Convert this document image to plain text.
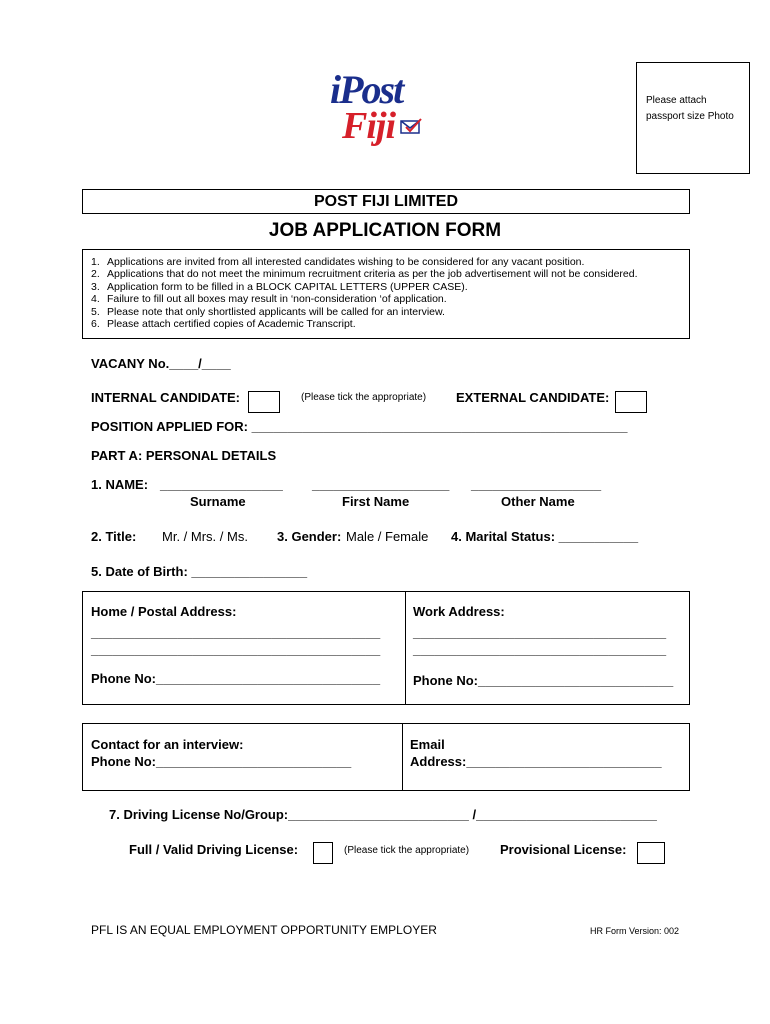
iPost
Fiji
Please attach passport size Photo
POST FIJI LIMITED
JOB APPLICATION FORM
1. Applications are invited from all interested candidates wishing to be considered for any vacant position.
2. Applications that do not meet the minimum recruitment criteria as per the job advertisement will not be considered.
3. Application form to be filled in a BLOCK CAPITAL LETTERS (UPPER CASE).
4. Failure to fill out all boxes may result in ‘non-consideration ‘of application.
5. Please note that only shortlisted applicants will be called for an interview.
6. Please attach certified copies of Academic Transcript.
VACANY No.____/____
INTERNAL CANDIDATE:	(Please tick the appropriate) EXTERNAL CANDIDATE:
POSITION APPLIED FOR: ____________________________________________________
PART A: PERSONAL DETAILS
1. NAME: _________________ ___________________ __________________
Surname	First Name	Other Name
2. Title: Mr. / Mrs. / Ms. 3. Gender: Male / Female 4. Marital Status: ___________
5. Date of Birth: ________________
Home / Postal Address:
________________________________________
________________________________________
Phone No:_______________________________
Work Address:
___________________________________
___________________________________
Phone No:___________________________
Contact for an interview:
Phone No:___________________________
Email
Address:___________________________
7. Driving License No/Group:_________________________ /_________________________
Full / Valid Driving License:	(Please tick the appropriate) Provisional License:
PFL IS AN EQUAL EMPLOYMENT OPPORTUNITY EMPLOYER	HR Form Version: 002
